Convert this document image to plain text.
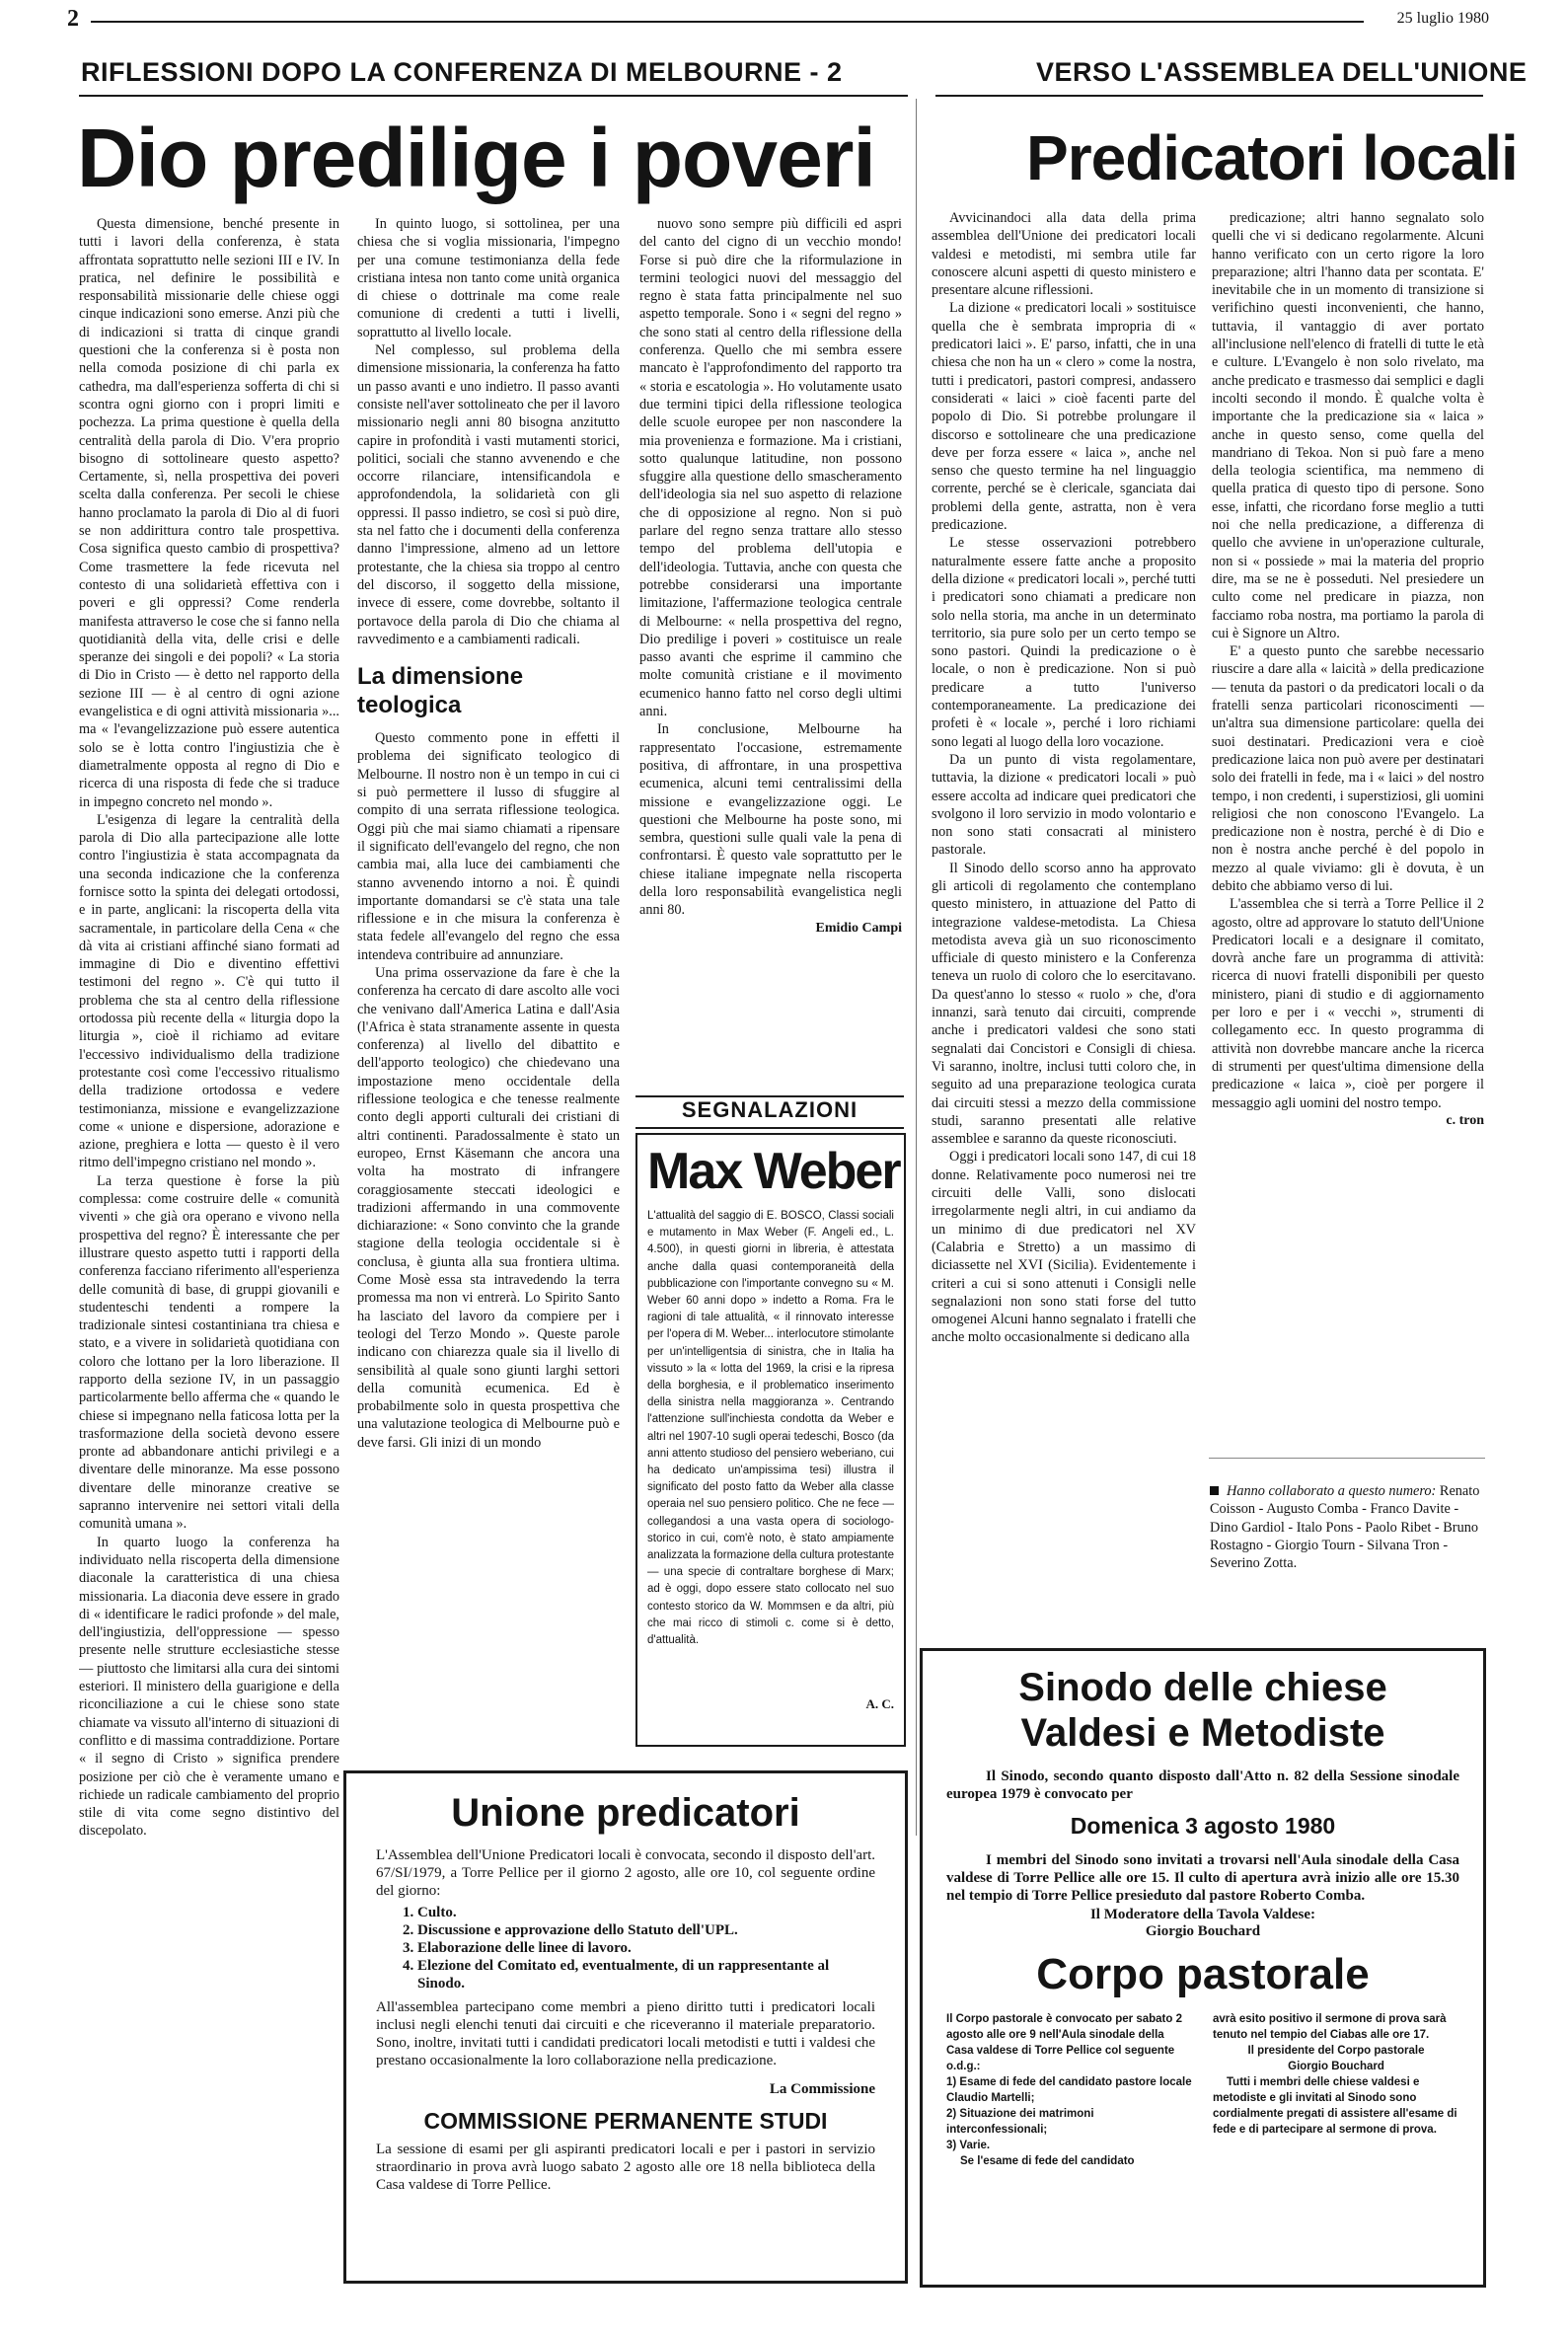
2	25 luglio 1980
RIFLESSIONI DOPO LA CONFERENZA DI MELBOURNE - 2
Dio predilige i poveri
VERSO L'ASSEMBLEA DELL'UNIONE
Predicatori locali

Questa dimensione, benché presente in tutti i lavori della conferenza, è stata affrontata soprattutto nelle sezioni III e IV. In pratica, nel definire le possibilità e responsabilità missionarie delle chiese oggi cinque indicazioni sono emerse. Anzi più che di indicazioni si tratta di cinque grandi questioni che la conferenza si è posta non nella comoda posizione di chi parla ex cathedra, ma dall'esperienza sofferta di chi si scontra ogni giorno con i propri limiti e pochezza. La prima questione è quella della centralità della parola di Dio. V'era proprio bisogno di sottolineare questo aspetto? Certamente, sì, nella prospettiva dei poveri scelta dalla conferenza. Per secoli le chiese hanno proclamato la parola di Dio al di fuori se non addirittura contro tale prospettiva. Cosa significa questo cambio di prospettiva? Come trasmettere la fede ricevuta nel contesto di una solidarietà effettiva con i poveri e gli oppressi? Come renderla manifesta attraverso le cose che si fanno nella quotidianità della vita, delle crisi e delle speranze dei singoli e dei popoli? « La storia di Dio in Cristo — è detto nel rapporto della sezione III — è al centro di ogni azione evangelistica e di ogni attività missionaria »... ma « l'evangelizzazione può essere autentica solo se è lotta contro l'ingiustizia che è diametralmente opposta al regno di Dio e ricerca di una risposta di fede che si traduce in impegno concreto nel mondo ».

L'esigenza di legare la centralità della parola di Dio alla partecipazione alle lotte contro l'ingiustizia è stata accompagnata da una seconda indicazione che la conferenza fornisce sotto la spinta dei delegati ortodossi, e in parte, anglicani: la riscoperta della vita sacramentale, in particolare della Cena « che dà vita ai cristiani affinché siano formati ad immagine di Dio e diventino effettivi testimoni del regno ». C'è qui tutto il problema che sta al centro della riflessione ortodossa più recente della « liturgia dopo la liturgia », cioè il richiamo ad evitare l'eccessivo individualismo della tradizione protestante così come l'eccessivo ritualismo della tradizione ortodossa e vedere testimonianza, missione e evangelizzazione come « unione e dispersione, adorazione e azione, preghiera e lotta — questo è il vero ritmo dell'impegno cristiano nel mondo ».

La terza questione è forse la più complessa: come costruire delle « comunità viventi » che già ora operano e vivono nella prospettiva del regno? È interessante che per illustrare questo aspetto tutti i rapporti della conferenza facciano riferimento all'esperienza delle comunità di base, di gruppi giovanili e studenteschi tendenti a rompere la tradizionale sintesi costantiniana tra chiesa e stato, e a vivere in solidarietà quotidiana con coloro che lottano per la loro liberazione. Il rapporto della sezione IV, in un passaggio particolarmente bello afferma che « quando le chiese si impegnano nella faticosa lotta per la trasformazione della società devono essere pronte ad abbandonare antichi privilegi e a diventare delle minoranze. Ma esse possono diventare delle minoranze creative se sapranno intervenire nei settori vitali della comunità umana ».

In quarto luogo la conferenza ha individuato nella riscoperta della dimensione diaconale la caratteristica di una chiesa missionaria. La diaconia deve essere in grado di « identificare le radici profonde » del male, dell'ingiustizia, dell'oppressione — spesso presente nelle strutture ecclesiastiche stesse — piuttosto che limitarsi alla cura dei sintomi esteriori. Il ministero della guarigione e della riconciliazione a cui le chiese sono state chiamate va vissuto all'interno di situazioni di conflitto e di massima contraddizione. Portare « il segno di Cristo » significa prendere posizione per ciò che è veramente umano e richiede un radicale cambiamento del proprio stile di vita come segno distintivo del discepolato.

In quinto luogo, si sottolinea, per una chiesa che si voglia missionaria, l'impegno per una comune testimonianza della fede cristiana intesa non tanto come unità organica di chiese o dottrinale ma come reale comunione di credenti a tutti i livelli, soprattutto al livello locale.

Nel complesso, sul problema della dimensione missionaria, la conferenza ha fatto un passo avanti e uno indietro. Il passo avanti consiste nell'aver sottolineato che per il lavoro missionario negli anni 80 bisogna anzitutto capire in profondità i vasti mutamenti storici, politici, sociali che stanno avvenendo e che occorre rilanciare, intensificandola e approfondendola, la solidarietà con gli oppressi. Il passo indietro, se così si può dire, sta nel fatto che i documenti della conferenza danno l'impressione, almeno ad un lettore protestante, che la chiesa sia troppo al centro del discorso, il soggetto della missione, invece di essere, come dovrebbe, soltanto il portavoce della parola di Dio che chiama al ravvedimento e a cambiamenti radicali.

La dimensione teologica

Questo commento pone in effetti il problema dei significato teologico di Melbourne. Il nostro non è un tempo in cui ci si può permettere il lusso di sfuggire al compito di una serrata riflessione teologica. Oggi più che mai siamo chiamati a ripensare il significato dell'evangelo del regno, che non cambia mai, alla luce dei cambiamenti che stanno avvenendo intorno a noi. È quindi importante domandarsi se c'è stata una tale riflessione e in che misura la conferenza è stata fedele all'evangelo del regno che essa intendeva contribuire ad annunziare.

Una prima osservazione da fare è che la conferenza ha cercato di dare ascolto alle voci che venivano dall'America Latina e dall'Asia (l'Africa è stata stranamente assente in questa conferenza) al livello del dibattito e dell'apporto teologico) che chiedevano una impostazione meno occidentale della riflessione teologica e che tenesse realmente conto degli apporti culturali dei cristiani di altri continenti. Paradossalmente è stato un europeo, Ernst Käsemann che ancora una volta ha mostrato di infrangere coraggiosamente steccati ideologici e tradizioni affermando in una commovente dichiarazione: « Sono convinto che la grande stagione della teologia occidentale si è conclusa, è giunta alla sua frontiera ultima. Come Mosè essa sta intravedendo la terra promessa ma non vi entrerà. Lo Spirito Santo ha lasciato del lavoro da compiere per i teologi del Terzo Mondo ». Queste parole indicano con chiarezza quale sia il livello di sensibilità al quale sono giunti larghi settori della comunità ecumenica. Ed è probabilmente solo in questa prospettiva che una valutazione teologica di Melbourne può e deve farsi. Gli inizi di un mondo

nuovo sono sempre più difficili ed aspri del canto del cigno di un vecchio mondo! Forse si può dire che la riformulazione in termini teologici nuovi del messaggio del regno è stata fatta principalmente nel suo aspetto temporale. Sono i « segni del regno » che sono stati al centro della riflessione della conferenza. Quello che mi sembra essere mancato è l'approfondimento del rapporto tra « storia e escatologia ». Ho volutamente usato due termini tipici della riflessione teologica delle scuole europee per non nascondere la mia provenienza e formazione. Ma i cristiani, sotto qualunque latitudine, non possono sfuggire alla questione dello smascheramento dell'ideologia sia nel suo aspetto di relazione che di opposizione al regno. Non si può parlare del regno senza trattare allo stesso tempo del problema dell'utopia e dell'ideologia. Tuttavia, anche con questa che potrebbe considerarsi una importante limitazione, l'affermazione teologica centrale di Melbourne: « nella prospettiva del regno, Dio predilige i poveri » costituisce un reale passo avanti che esprime il cammino che molte comunità cristiane e il movimento ecumenico hanno fatto nel corso degli ultimi anni.

In conclusione, Melbourne ha rappresentato l'occasione, estremamente positiva, di affrontare, in una prospettiva ecumenica, alcuni temi centralissimi della missione e evangelizzazione oggi. Le questioni che Melbourne ha poste sono, mi sembra, questioni sulle quali vale la pena di confrontarsi. È questo vale soprattutto per le chiese italiane impegnate nella riscoperta della loro responsabilità evangelistica negli anni 80.

Emidio Campi
SEGNALAZIONI
Max Weber
L'attualità del saggio di E. BOSCO, Classi sociali e mutamento in Max Weber (F. Angeli ed., L. 4.500), in questi giorni in libreria, è attestata anche dalla quasi contemporaneità della pubblicazione con l'importante convegno su « M. Weber 60 anni dopo » indetto a Roma. Fra le ragioni di tale attualità, « il rinnovato interesse per l'opera di M. Weber... interlocutore stimolante per un'intelligentsia di sinistra, che in Italia ha vissuto » la « lotta del 1969, la crisi e la ripresa della borghesia, e il problematico inserimento della sinistra nella maggioranza ». Centrando l'attenzione sull'inchiesta condotta da Weber e altri nel 1907-10 sugli operai tedeschi, Bosco (da anni attento studioso del pensiero weberiano, cui ha dedicato un'ampissima tesi) illustra il significato del posto fatto da Weber alla classe operaia nel suo pensiero politico. Che ne fece — collegandosi a una vasta opera di sociologo-storico in cui, com'è noto, è stato ampiamente analizzata la formazione della cultura protestante — una specie di contraltare borghese di Marx; ad è oggi, dopo essere stato collocato nel suo contesto storico da W. Mommsen e da altri, più che mai ricco di stimoli c. come si è detto, d'attualità.
A. C.
Unione predicatori
L'Assemblea dell'Unione Predicatori locali è convocata, secondo il disposto dell'art. 67/SI/1979, a Torre Pellice per il giorno 2 agosto, alle ore 10, col seguente ordine del giorno:
1. Culto.
2. Discussione e approvazione dello Statuto dell'UPL.
3. Elaborazione delle linee di lavoro.
4. Elezione del Comitato ed, eventualmente, di un rappresentante al Sinodo.
All'assemblea partecipano come membri a pieno diritto tutti i predicatori locali inclusi negli elenchi tenuti dai circuiti e che riceveranno il materiale preparatorio. Sono, inoltre, invitati tutti i candidati predicatori locali metodisti e tutti i valdesi che prestano occasionalmente la loro collaborazione nella predicazione.
La Commissione
COMMISSIONE PERMANENTE STUDI
La sessione di esami per gli aspiranti predicatori locali e per i pastori in servizio straordinario in prova avrà luogo sabato 2 agosto alle ore 18 nella biblioteca della Casa valdese di Torre Pellice.

Avvicinandoci alla data della prima assemblea dell'Unione dei predicatori locali valdesi e metodisti, mi sembra utile far conoscere alcuni aspetti di questo ministero e presentare alcune riflessioni.

La dizione « predicatori locali » sostituisce quella che è sembrata impropria di « predicatori laici ». E' parso, infatti, che in una chiesa che non ha un « clero » come la nostra, tutti i predicatori, pastori compresi, andassero considerati « laici » cioè facenti parte del popolo di Dio. Si potrebbe prolungare il discorso e sottolineare che una predicazione deve per forza essere « laica », anche nel senso che questo termine ha nel linguaggio corrente, perché se è clericale, sganciata dai problemi della gente, astratta, non è vera predicazione.

Le stesse osservazioni potrebbero naturalmente essere fatte anche a proposito della dizione « predicatori locali », perché tutti i predicatori sono chiamati a predicare non solo nella storia, ma anche in un determinato territorio, sia pure solo per un certo tempo se sono pastori. Quindi la predicazione o è locale, o non è predicazione. Non si può predicare a tutto l'universo contemporaneamente. La predicazione dei profeti è « locale », perché i loro richiami sono legati al luogo della loro vocazione.

Da un punto di vista regolamentare, tuttavia, la dizione « predicatori locali » può essere accolta ad indicare quei predicatori che svolgono il loro servizio in modo volontario e non sono stati consacrati al ministero pastorale.

Il Sinodo dello scorso anno ha approvato gli articoli di regolamento che contemplano questo ministero, in attuazione del Patto di integrazione valdese-metodista. La Chiesa metodista aveva già un suo riconoscimento ufficiale di questo ministero e la Conferenza teneva un ruolo di coloro che lo esercitavano. Da quest'anno lo stesso « ruolo » che, d'ora innanzi, sarà tenuto dai circuiti, comprende anche i predicatori valdesi che sono stati segnalati dai Concistori e Consigli di chiesa. Vi saranno, inoltre, inclusi tutti coloro che, in seguito ad una preparazione teologica curata dai circuiti stessi a mezzo della commissione studi, saranno presentati alle relative assemblee e saranno da queste riconosciuti.

Oggi i predicatori locali sono 147, di cui 18 donne. Relativamente poco numerosi nei tre circuiti delle Valli, sono dislocati irregolarmente negli altri, in cui andiamo da un minimo di due predicatori nel XV (Calabria e Stretto) a un massimo di diciassette nel XVI (Sicilia). Evidentemente i criteri a cui si sono attenuti i Consigli nelle segnalazioni non sono stati forse del tutto omogenei Alcuni hanno segnalato i fratelli che anche molto occasionalmente si dedicano alla

predicazione; altri hanno segnalato solo quelli che vi si dedicano regolarmente. Alcuni hanno verificato con un certo rigore la loro preparazione; altri l'hanno data per scontata. E' inevitabile che in un momento di transizione si verifichino questi inconvenienti, che hanno, tuttavia, il vantaggio di aver portato all'inclusione nell'elenco di fratelli di tutte le età e culture. L'Evangelo è non solo rivelato, ma anche predicato e trasmesso dai semplici e dagli incolti secondo il mondo. È qualche volta è importante che la predicazione sia « laica » anche in questo senso, come quella del mandriano di Tekoa. Non si può fare a meno della teologia scientifica, ma nemmeno di quella pratica di questo tipo di persone. Sono esse, infatti, che ricordano forse meglio a tutti noi che nella predicazione, a differenza di quello che avviene in un'operazione culturale, non si « possiede » mai la materia del proprio dire, ma se ne è posseduti. Nel presiedere un culto come nel predicare in piazza, non facciamo roba nostra, ma portiamo la parola di cui è Signore un Altro.

E' a questo punto che sarebbe necessario riuscire a dare alla « laicità » della predicazione — tenuta da pastori o da predicatori locali o da fratelli senza particolari riconoscimenti — un'altra sua dimensione particolare: quella dei suoi destinatari. Predicazioni vera e cioè predicazione laica non può avere per destinatari solo dei fratelli in fede, ma i « laici » del nostro tempo, i non credenti, i superstiziosi, gli uomini religiosi che non conoscono l'Evangelo. La predicazione non è nostra, perché è di Dio e non è nostra anche perché è del popolo in mezzo al quale viviamo: gli è dovuta, è un debito che abbiamo verso di lui.

L'assemblea che si terrà a Torre Pellice il 2 agosto, oltre ad approvare lo statuto dell'Unione Predicatori locali e a designare il comitato, dovrà anche fare un programma di attività: ricerca di nuovi fratelli disponibili per questo ministero, piani di studio e di aggiornamento per loro e per i « vecchi », strumenti di collegamento ecc. In questo programma di attività non dovrebbe mancare anche la ricerca di strumenti per quest'ultima dimensione della predicazione « laica », cioè per porgere il messaggio agli uomini del nostro tempo.

c. tron
Hanno collaborato a questo numero: Renato Coisson - Augusto Comba - Franco Davite - Dino Gardiol - Italo Pons - Paolo Ribet - Bruno Rostagno - Giorgio Tourn - Silvana Tron - Severino Zotta.
Sinodo delle chiese
Valdesi e Metodiste
Il Sinodo, secondo quanto disposto dall'Atto n. 82 della Sessione sinodale europea 1979 è convocato per
Domenica 3 agosto 1980
I membri del Sinodo sono invitati a trovarsi nell'Aula sinodale della Casa valdese di Torre Pellice alle ore 15. Il culto di apertura avrà inizio alle ore 15.30 nel tempio di Torre Pellice presieduto dal pastore Roberto Comba.
Il Moderatore della Tavola Valdese:
Giorgio Bouchard
Corpo pastorale
Il Corpo pastorale è convocato per sabato 2 agosto alle ore 9 nell'Aula sinodale della Casa valdese di Torre Pellice col seguente o.d.g.:
1) Esame di fede del candidato pastore locale Claudio Martelli;
2) Situazione dei matrimoni interconfessionali;
3) Varie.
Se l'esame di fede del candidato
avrà esito positivo il sermone di prova sarà tenuto nel tempio del Ciabas alle ore 17.
Il presidente del Corpo pastorale
Giorgio Bouchard
Tutti i membri delle chiese valdesi e metodiste e gli invitati al Sinodo sono cordialmente pregati di assistere all'esame di fede e di partecipare al sermone di prova.
